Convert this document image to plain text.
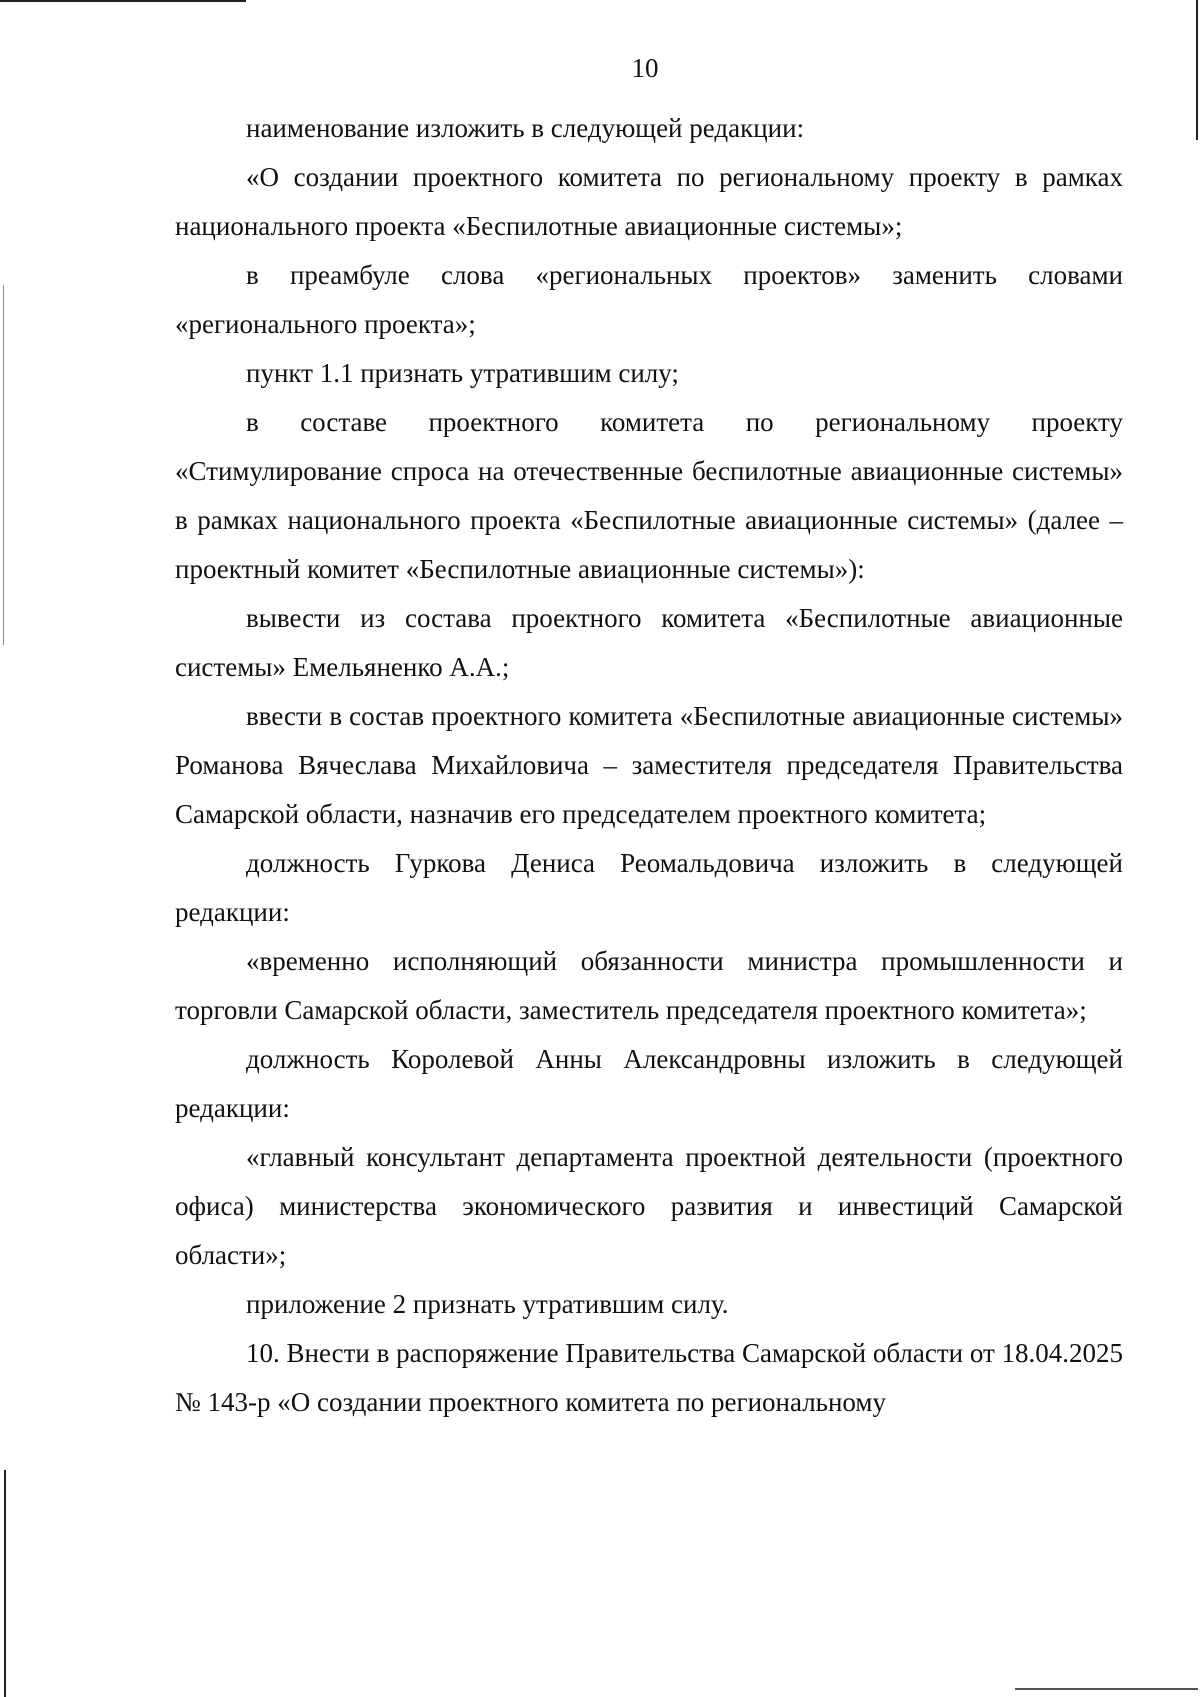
10

наименование изложить в следующей редакции:

«О создании проектного комитета по региональному проекту в рамках национального проекта «Беспилотные авиационные системы»;

в преамбуле слова «региональных проектов» заменить словами «регионального проекта»;

пункт 1.1 признать утратившим силу;

в составе проектного комитета по региональному проекту «Стимулирование спроса на отечественные беспилотные авиационные системы» в рамках национального проекта «Беспилотные авиационные системы» (далее – проектный комитет «Беспилотные авиационные системы»):

вывести из состава проектного комитета «Беспилотные авиационные системы» Емельяненко А.А.;

ввести в состав проектного комитета «Беспилотные авиационные системы» Романова Вячеслава Михайловича – заместителя председателя Правительства Самарской области, назначив его председателем проектного комитета;

должность Гуркова Дениса Реомальдовича изложить в следующей редакции:

«временно исполняющий обязанности министра промышленности и торговли Самарской области, заместитель председателя проектного комитета»;

должность Королевой Анны Александровны изложить в следующей редакции:

«главный консультант департамента проектной деятельности (проектного офиса) министерства экономического развития и инвестиций Самарской области»;

приложение 2 признать утратившим силу.

10. Внести в распоряжение Правительства Самарской области от 18.04.2025 № 143-р «О создании проектного комитета по региональному
